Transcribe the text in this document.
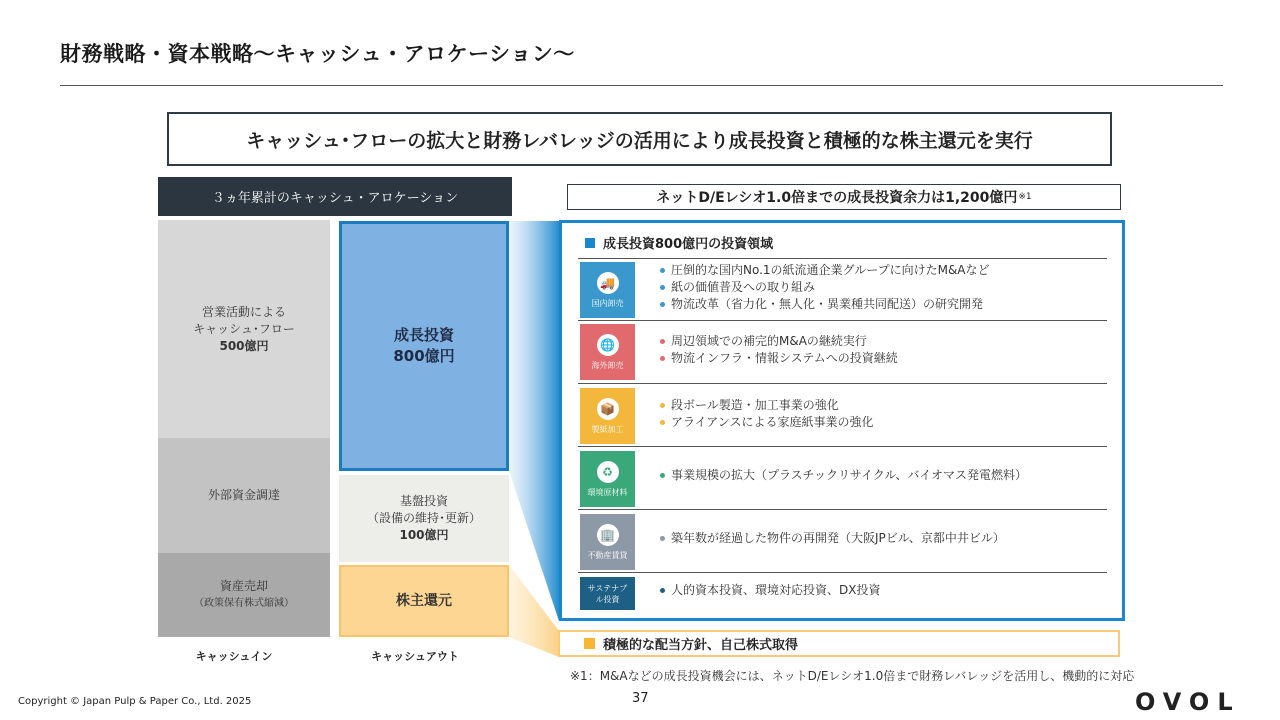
財務戦略・資本戦略〜キャッシュ・アロケーション〜
キャッシュ･フローの拡大と財務レバレッジの活用により成長投資と積極的な株主還元を実行
３ヵ年累計のキャッシュ・アロケーション	ネットD/Eレシオ1.0倍までの成長投資余力は1,200億円 ※1
営業活動による
キャッシュ･フロー
500億円
外部資金調達
資産売却
（政策保有株式縮減）
成長投資
800億円
基盤投資
（設備の維持･更新）
100億円
株主還元
キャッシュイン	キャッシュアウト
成長投資800億円の投資領域
🚚
国内卸売
圧倒的な国内No.1の紙流通企業グループに向けたM&Aなど
紙の価値普及への取り組み
物流改革（省力化・無人化・異業種共同配送）の研究開発
🌐
海外卸売
周辺領域での補完的M&Aの継続実行
物流インフラ・情報システムへの投資継続
📦
製紙加工
段ボール製造・加工事業の強化
アライアンスによる家庭紙事業の強化
♻
環境原材料
事業規模の拡大（プラスチックリサイクル、バイオマス発電燃料）
🏢
不動産賃貸
築年数が経過した物件の再開発（大阪JPビル、京都中井ビル）
サステナブル投資
人的資本投資、環境対応投資、DX投資
積極的な配当方針、自己株式取得
※1：M&Aなどの成長投資機会には、ネットD/Eレシオ1.0倍まで財務レバレッジを活用し、機動的に対応
Copyright © Japan Pulp & Paper Co., Ltd. 2025	37	OVOL
